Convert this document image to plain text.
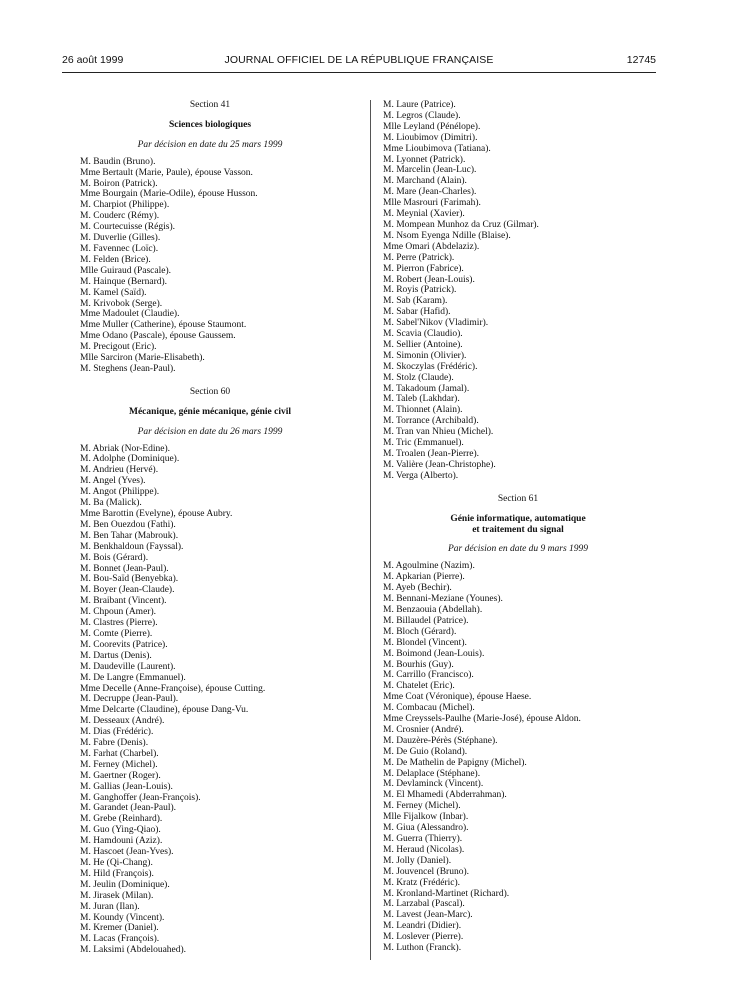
26 août 1999	JOURNAL OFFICIEL DE LA RÉPUBLIQUE FRANÇAISE	12745
Section 41
Sciences biologiques
Par décision en date du 25 mars 1999
M. Baudin (Bruno).
Mme Bertault (Marie, Paule), épouse Vasson.
M. Boiron (Patrick).
Mme Bourgain (Marie-Odile), épouse Husson.
M. Charpiot (Philippe).
M. Couderc (Rémy).
M. Courtecuisse (Régis).
M. Duverlie (Gilles).
M. Favennec (Loïc).
M. Felden (Brice).
Mlle Guiraud (Pascale).
M. Hainque (Bernard).
M. Kamel (Saïd).
M. Krivobok (Serge).
Mme Madoulet (Claudie).
Mme Muller (Catherine), épouse Staumont.
Mme Odano (Pascale), épouse Gaussem.
M. Precigout (Eric).
Mlle Sarciron (Marie-Elisabeth).
M. Steghens (Jean-Paul).
Section 60
Mécanique, génie mécanique, génie civil
Par décision en date du 26 mars 1999
M. Abriak (Nor-Edine).
M. Adolphe (Dominique).
M. Andrieu (Hervé).
M. Angel (Yves).
M. Angot (Philippe).
M. Ba (Malick).
Mme Barottin (Evelyne), épouse Aubry.
M. Ben Ouezdou (Fathi).
M. Ben Tahar (Mabrouk).
M. Benkhaldoun (Fayssal).
M. Bois (Gérard).
M. Bonnet (Jean-Paul).
M. Bou-Saïd (Benyebka).
M. Boyer (Jean-Claude).
M. Braibant (Vincent).
M. Chpoun (Amer).
M. Clastres (Pierre).
M. Comte (Pierre).
M. Coorevits (Patrice).
M. Dartus (Denis).
M. Daudeville (Laurent).
M. De Langre (Emmanuel).
Mme Decelle (Anne-Françoise), épouse Cutting.
M. Decruppe (Jean-Paul).
Mme Delcarte (Claudine), épouse Dang-Vu.
M. Desseaux (André).
M. Dias (Frédéric).
M. Fabre (Denis).
M. Farhat (Charbel).
M. Ferney (Michel).
M. Gaertner (Roger).
M. Gallias (Jean-Louis).
M. Ganghoffer (Jean-François).
M. Garandet (Jean-Paul).
M. Grebe (Reinhard).
M. Guo (Ying-Qiao).
M. Hamdouni (Aziz).
M. Hascoet (Jean-Yves).
M. He (Qi-Chang).
M. Hild (François).
M. Jeulin (Dominique).
M. Jirasek (Milan).
M. Juran (Ilan).
M. Koundy (Vincent).
M. Kremer (Daniel).
M. Lacas (François).
M. Laksimi (Abdelouahed).
M. Laure (Patrice).
M. Legros (Claude).
Mlle Leyland (Pénélope).
M. Lioubimov (Dimitri).
Mme Lioubimova (Tatiana).
M. Lyonnet (Patrick).
M. Marcelin (Jean-Luc).
M. Marchand (Alain).
M. Mare (Jean-Charles).
Mlle Masrouri (Farimah).
M. Meynial (Xavier).
M. Mompean Munhoz da Cruz (Gilmar).
M. Nsom Eyenga Ndille (Blaise).
Mme Omari (Abdelaziz).
M. Perre (Patrick).
M. Pierron (Fabrice).
M. Robert (Jean-Louis).
M. Royis (Patrick).
M. Sab (Karam).
M. Sabar (Hafid).
M. Sabel'Nikov (Vladimir).
M. Scavia (Claudio).
M. Sellier (Antoine).
M. Simonin (Olivier).
M. Skoczylas (Frédéric).
M. Stolz (Claude).
M. Takadoum (Jamal).
M. Taleb (Lakhdar).
M. Thionnet (Alain).
M. Torrance (Archibald).
M. Tran van Nhieu (Michel).
M. Tric (Emmanuel).
M. Troalen (Jean-Pierre).
M. Valière (Jean-Christophe).
M. Verga (Alberto).
Section 61
Génie informatique, automatique
et traitement du signal
Par décision en date du 9 mars 1999
M. Agoulmine (Nazim).
M. Apkarian (Pierre).
M. Ayeb (Bechir).
M. Bennani-Meziane (Younes).
M. Benzaouia (Abdellah).
M. Billaudel (Patrice).
M. Bloch (Gérard).
M. Blondel (Vincent).
M. Boimond (Jean-Louis).
M. Bourhis (Guy).
M. Carrillo (Francisco).
M. Chatelet (Eric).
Mme Coat (Véronique), épouse Haese.
M. Combacau (Michel).
Mme Creyssels-Paulhe (Marie-José), épouse Aldon.
M. Crosnier (André).
M. Dauzère-Pérès (Stéphane).
M. De Guio (Roland).
M. De Mathelin de Papigny (Michel).
M. Delaplace (Stéphane).
M. Devlaminck (Vincent).
M. El Mhamedi (Abderrahman).
M. Ferney (Michel).
Mlle Fijalkow (Inbar).
M. Giua (Alessandro).
M. Guerra (Thierry).
M. Heraud (Nicolas).
M. Jolly (Daniel).
M. Jouvencel (Bruno).
M. Kratz (Frédéric).
M. Kronland-Martinet (Richard).
M. Larzabal (Pascal).
M. Lavest (Jean-Marc).
M. Leandri (Didier).
M. Loslever (Pierre).
M. Luthon (Franck).
